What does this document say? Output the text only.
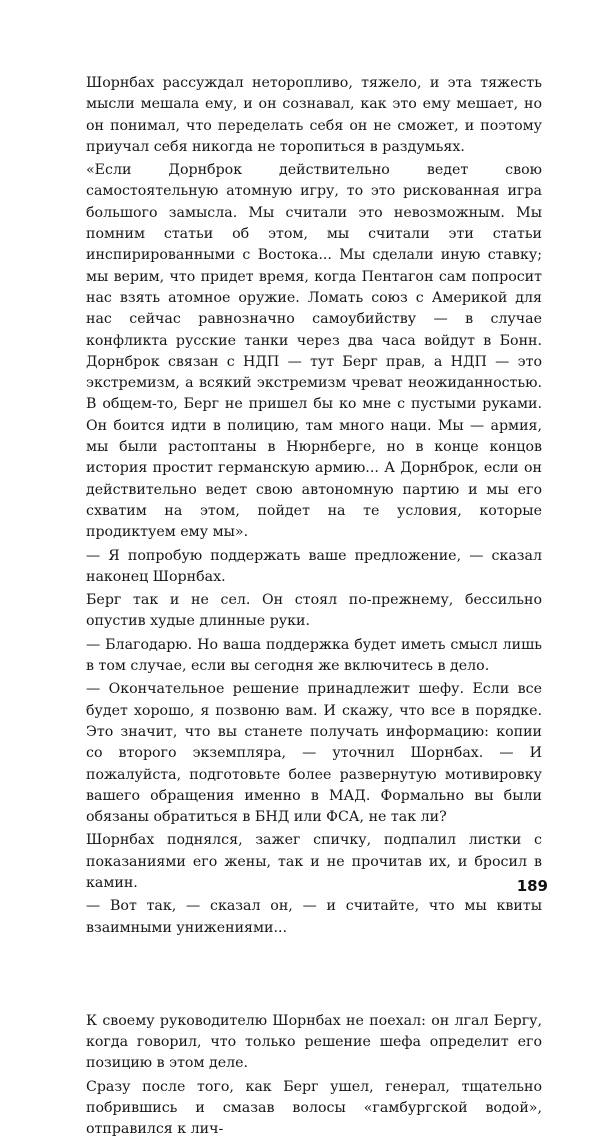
Шорнбах рассуждал неторопливо, тяжело, и эта тяжесть мысли мешала ему, и он сознавал, как это ему мешает, но он понимал, что переделать себя он не сможет, и поэтому приучал себя никогда не торопиться в раздумьях.

«Если Дорнброк действительно ведет свою самостоятельную атомную игру, то это рискованная игра большого замысла. Мы считали это невозможным. Мы помним статьи об этом, мы считали эти статьи инспирированными с Востока... Мы сделали иную ставку; мы верим, что придет время, когда Пентагон сам попросит нас взять атомное оружие. Ломать союз с Америкой для нас сейчас равнозначно самоубийству — в случае конфликта русские танки через два часа войдут в Бонн. Дорнброк связан с НДП — тут Берг прав, а НДП — это экстремизм, а всякий экстремизм чреват неожиданностью. В общем-то, Берг не пришел бы ко мне с пустыми руками. Он боится идти в полицию, там много наци. Мы — армия, мы были растоптаны в Нюрнберге, но в конце концов история простит германскую армию... А Дорнброк, если он действительно ведет свою автономную партию и мы его схватим на этом, пойдет на те условия, которые продиктуем ему мы».

— Я попробую поддержать ваше предложение, — сказал наконец Шорнбах.

Берг так и не сел. Он стоял по-прежнему, бессильно опустив худые длинные руки.

— Благодарю. Но ваша поддержка будет иметь смысл лишь в том случае, если вы сегодня же включитесь в дело.

— Окончательное решение принадлежит шефу. Если все будет хорошо, я позвоню вам. И скажу, что все в порядке. Это значит, что вы станете получать информацию: копии со второго экземпляра, — уточнил Шорнбах. — И пожалуйста, подготовьте более развернутую мотивировку вашего обращения именно в МАД. Формально вы были обязаны обратиться в БНД или ФСА, не так ли?

Шорнбах поднялся, зажег спичку, подпалил листки с показаниями его жены, так и не прочитав их, и бросил в камин.

— Вот так, — сказал он, — и считайте, что мы квиты взаимными унижениями...

К своему руководителю Шорнбах не поехал: он лгал Бергу, когда говорил, что только решение шефа определит его позицию в этом деле.

Сразу после того, как Берг ушел, генерал, тщательно побрившись и смазав волосы «гамбургской водой», отправился к лич-

189
